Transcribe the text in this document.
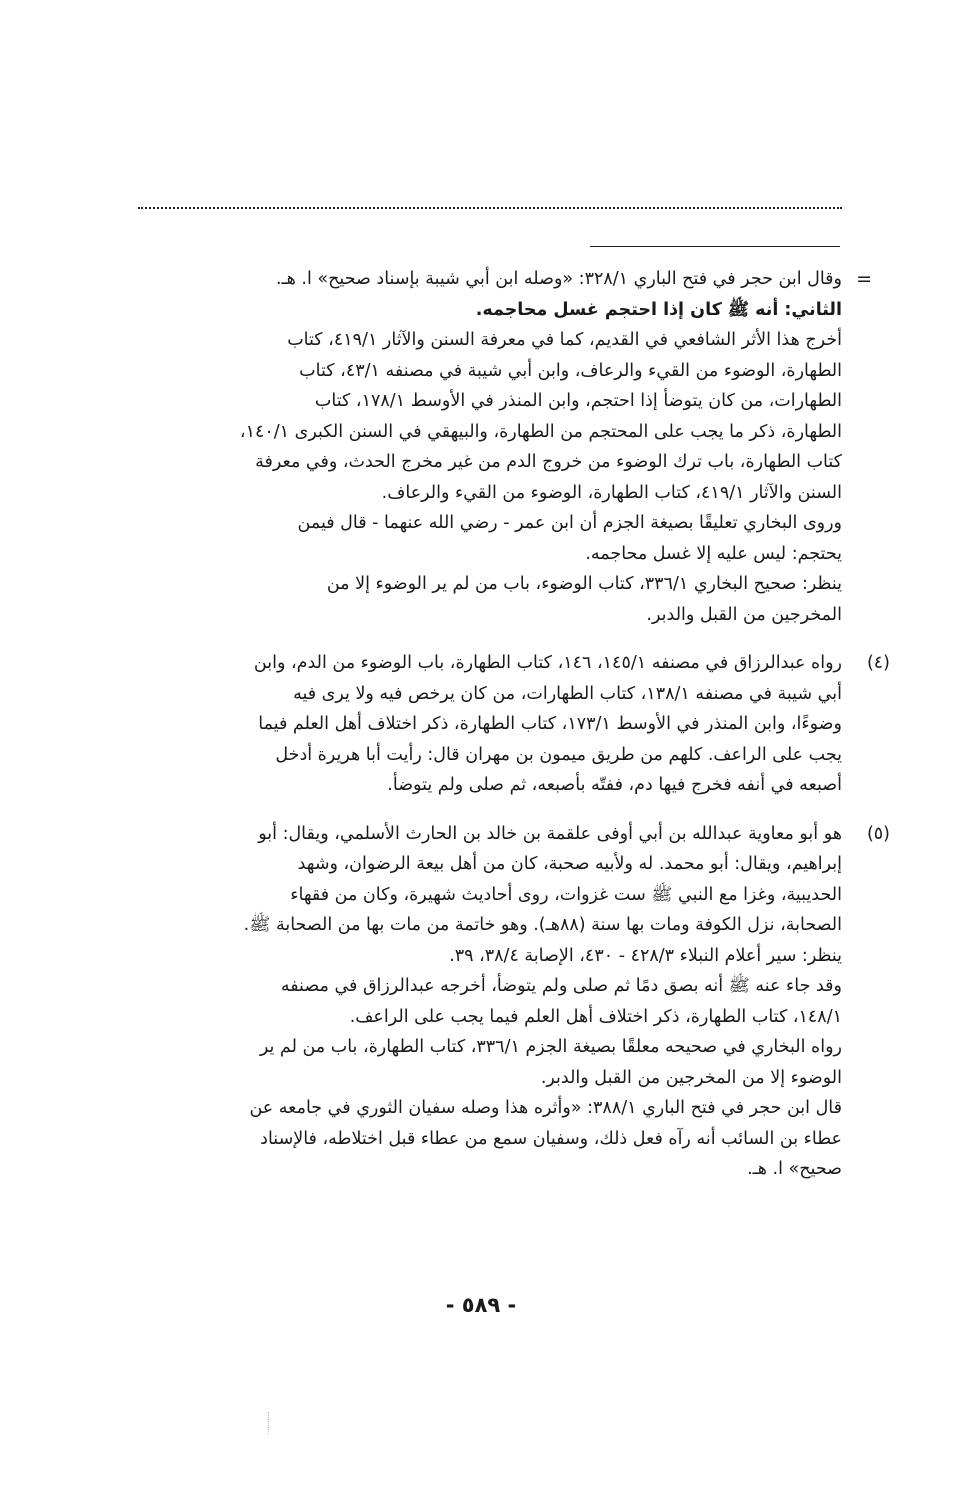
=
وقال ابن حجر في فتح الباري ٣٢٨/١: «وصله ابن أبي شيبة بإسناد صحيح» ا. هـ.
الثاني: أنه ﷺ كان إذا احتجم غسل محاجمه.
أخرج هذا الأثر الشافعي في القديم، كما في معرفة السنن والآثار ٤١٩/١، كتاب
الطهارة، الوضوء من القيء والرعاف، وابن أبي شيبة في مصنفه ٤٣/١، كتاب
الطهارات، من كان يتوضأ إذا احتجم، وابن المنذر في الأوسط ١٧٨/١، كتاب
الطهارة، ذكر ما يجب على المحتجم من الطهارة، والبيهقي في السنن الكبرى ١٤٠/١،
كتاب الطهارة، باب ترك الوضوء من خروج الدم من غير مخرج الحدث، وفي معرفة
السنن والآثار ٤١٩/١، كتاب الطهارة، الوضوء من القيء والرعاف.
وروى البخاري تعليقًا بصيغة الجزم أن ابن عمر - رضي الله عنهما - قال فيمن
يحتجم: ليس عليه إلا غسل محاجمه.
ينظر: صحيح البخاري ٣٣٦/١، كتاب الوضوء، باب من لم ير الوضوء إلا من
المخرجين من القبل والدبر.
(٤)
رواه عبدالرزاق في مصنفه ١٤٥/١، ١٤٦، كتاب الطهارة، باب الوضوء من الدم، وابن
أبي شيبة في مصنفه ١٣٨/١، كتاب الطهارات، من كان يرخص فيه ولا يرى فيه
وضوءًا، وابن المنذر في الأوسط ١٧٣/١، كتاب الطهارة، ذكر اختلاف أهل العلم فيما
يجب على الراعف. كلهم من طريق ميمون بن مهران قال: رأيت أبا هريرة أدخل
أصبعه في أنفه فخرج فيها دم، ففتّه بأصبعه، ثم صلى ولم يتوضأ.
(٥)
هو أبو معاوية عبدالله بن أبي أوفى علقمة بن خالد بن الحارث الأسلمي، ويقال: أبو
إبراهيم، ويقال: أبو محمد. له ولأبيه صحبة، كان من أهل بيعة الرضوان، وشهد
الحديبية، وغزا مع النبي ﷺ ست غزوات، روى أحاديث شهيرة، وكان من فقهاء
الصحابة، نزل الكوفة ومات بها سنة (٨٨هـ). وهو خاتمة من مات بها من الصحابة ﷺ.
ينظر: سير أعلام النبلاء ٤٢٨/٣ - ٤٣٠، الإصابة ٣٨/٤، ٣٩.
وقد جاء عنه ﷺ أنه بصق دمًا ثم صلى ولم يتوضأ، أخرجه عبدالرزاق في مصنفه
١٤٨/١، كتاب الطهارة، ذكر اختلاف أهل العلم فيما يجب على الراعف.
رواه البخاري في صحيحه معلقًا بصيغة الجزم ٣٣٦/١، كتاب الطهارة، باب من لم ير
الوضوء إلا من المخرجين من القبل والدبر.
قال ابن حجر في فتح الباري ٣٨٨/١: «وأثره هذا وصله سفيان الثوري في جامعه عن
عطاء بن السائب أنه رآه فعل ذلك، وسفيان سمع من عطاء قبل اختلاطه، فالإسناد
صحيح» ا. هـ.
- ٥٨٩ -
